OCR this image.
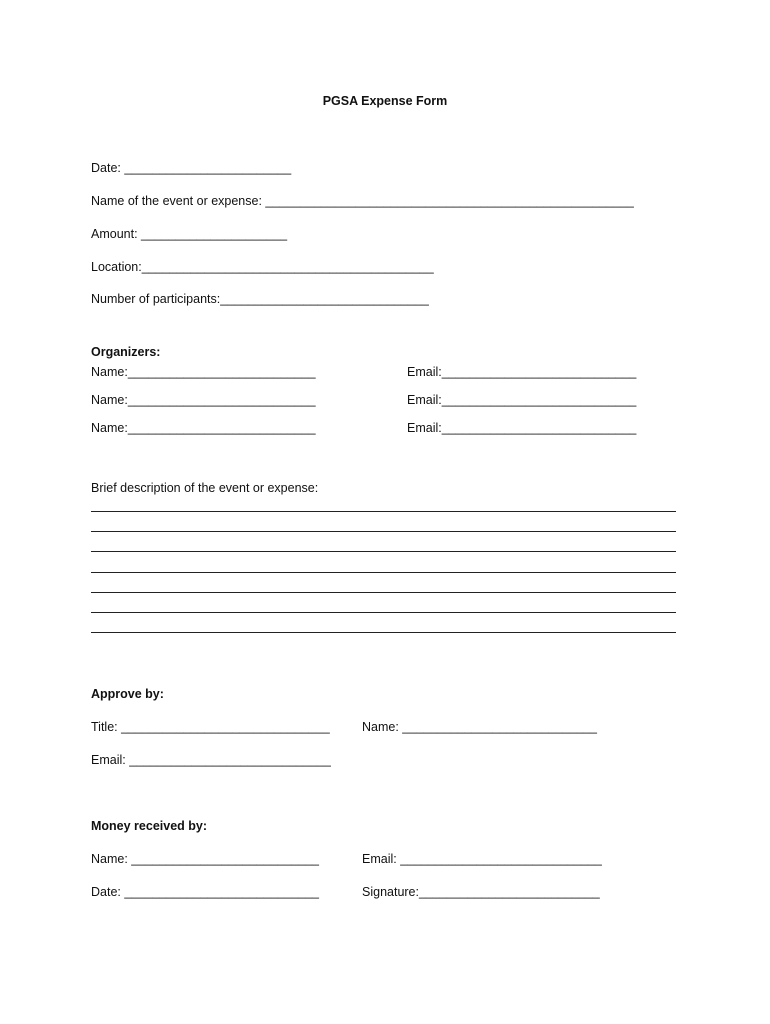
PGSA Expense Form
Date: ________________________
Name of the event or expense: _____________________________________________________
Amount: _____________________
Location:__________________________________________
Number of participants:______________________________
Organizers:
Name:___________________________	Email:____________________________
Name:___________________________	Email:____________________________
Name:___________________________	Email:____________________________
Brief description of the event or expense:
Approve by:
Title: ______________________________	Name: ____________________________
Email: _____________________________
Money received by:
Name: ___________________________	Email: _____________________________
Date: ____________________________	Signature:__________________________
